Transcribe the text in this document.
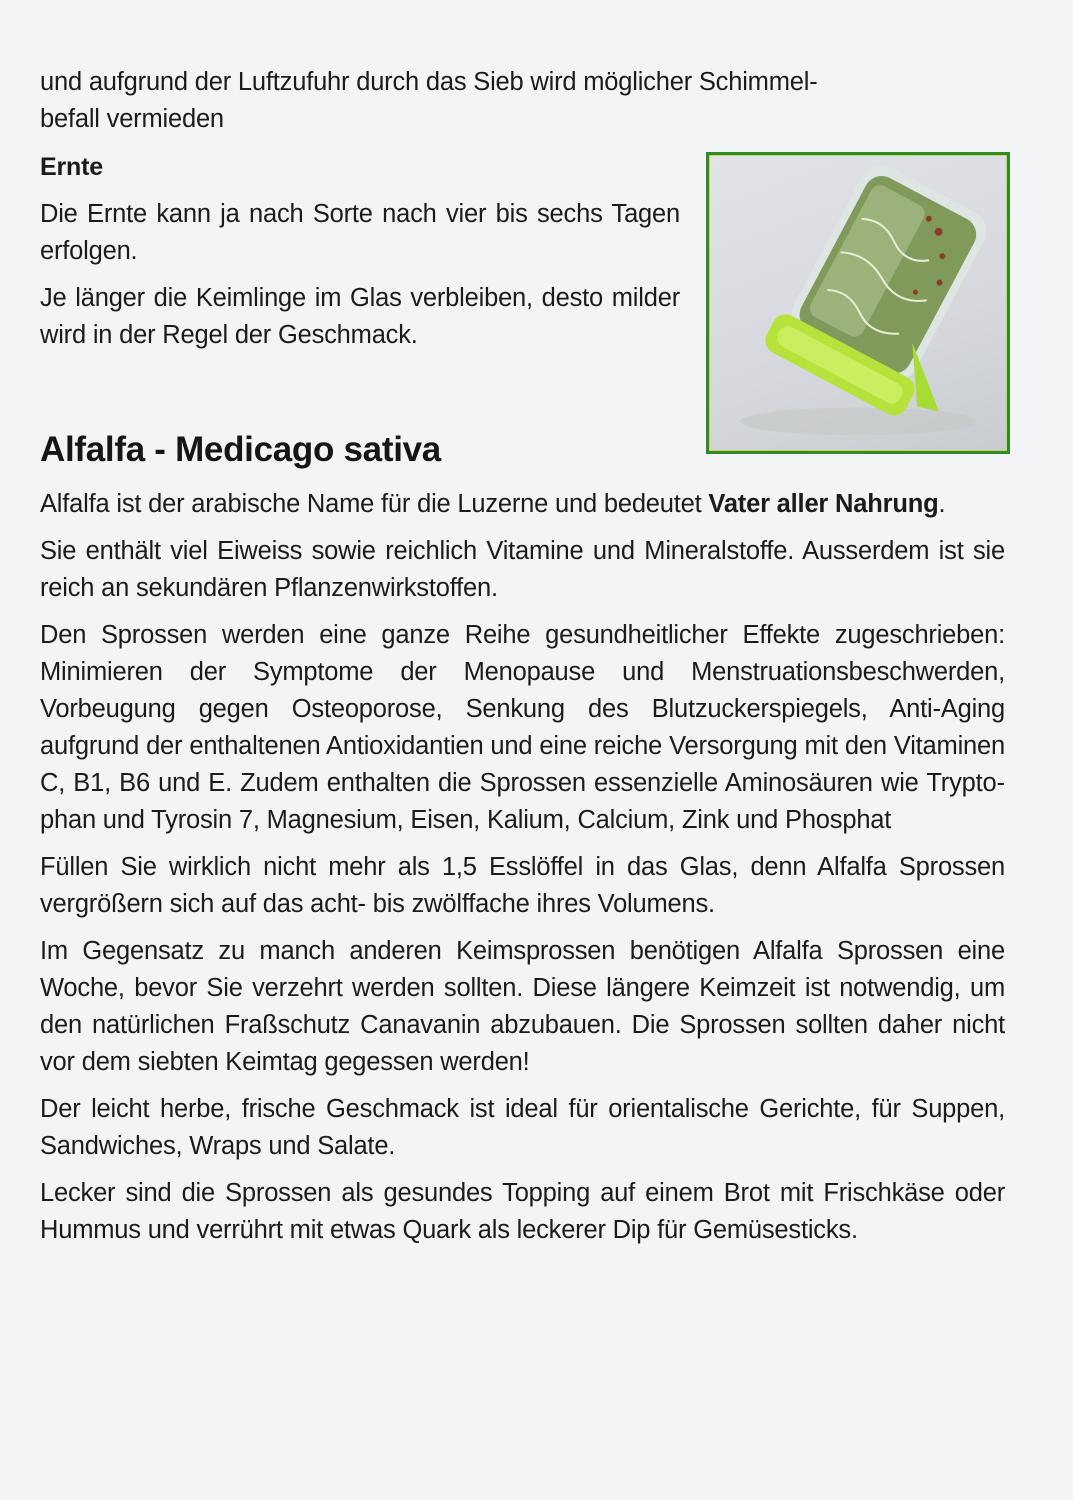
und aufgrund der Luftzufuhr durch das Sieb wird möglicher Schimmel-

befall vermieden

Ernte

Die Ernte kann ja nach Sorte nach vier bis sechs Tagen erfolgen.

Je länger die Keimlinge im Glas verbleiben, desto milder wird in der Regel der Geschmack.

Alfalfa - Medicago sativa

Alfalfa ist der arabische Name für die Luzerne und bedeutet Vater aller Nahrung.

Sie enthält viel Eiweiss sowie reichlich Vitamine und Mineralstoffe. Ausserdem ist sie reich an sekundären Pflanzenwirkstoffen.

Den Sprossen werden eine ganze Reihe gesundheitlicher Effekte zugeschrieben: Minimieren der Symptome der Menopause und Menstruationsbeschwerden, Vorbeugung gegen Osteoporose, Senkung des Blutzuckerspiegels, Anti-Aging aufgrund der enthaltenen Antioxidantien und eine reiche Versorgung mit den Vitaminen C, B1, B6 und E. Zudem enthalten die Sprossen essenzielle Aminosäuren wie Tryptophan und Tyrosin 7, Magnesium, Eisen, Kalium, Calcium, Zink und Phosphat

Füllen Sie wirklich nicht mehr als 1,5 Esslöffel in das Glas, denn Alfalfa Sprossen vergrößern sich auf das acht- bis zwölffache ihres Volumens.

Im Gegensatz zu manch anderen Keimsprossen benötigen Alfalfa Sprossen eine Woche, bevor Sie verzehrt werden sollten. Diese längere Keimzeit ist notwendig, um den natürlichen Fraßschutz Canavanin abzubauen. Die Sprossen sollten daher nicht vor dem siebten Keimtag gegessen werden!

Der leicht herbe, frische Geschmack ist ideal für orientalische Gerichte, für Suppen, Sandwiches, Wraps und Salate.

Lecker sind die Sprossen als gesundes Topping auf einem Brot mit Frischkäse oder Hummus und verrührt mit etwas Quark als leckerer Dip für Gemüsesticks.
